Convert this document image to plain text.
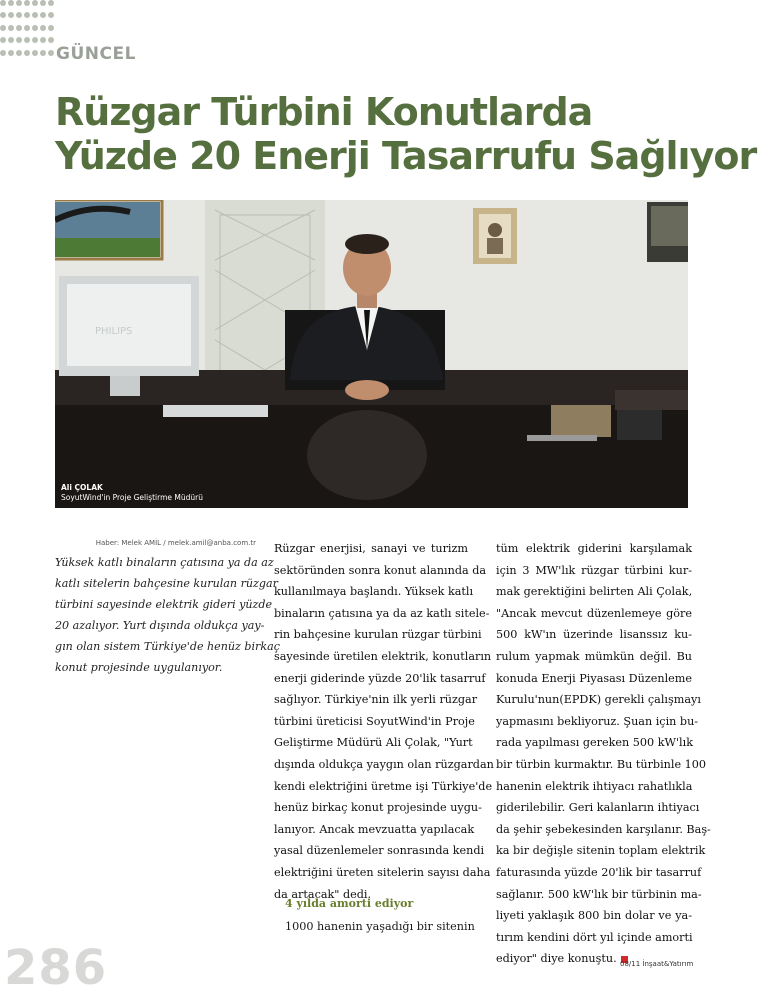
GÜNCEL
Rüzgar Türbini Konutlarda
Yüzde 20 Enerji Tasarrufu Sağlıyor
PHILIPS
Ali ÇOLAK
SoyutWind'in Proje Geliştirme Müdürü
Haber: Melek AMİL / melek.amil@anba.com.tr
Yüksek katlı binaların çatısına ya da az
katlı sitelerin bahçesine kurulan rüzgar
türbini sayesinde elektrik gideri yüzde
20 azalıyor. Yurt dışında oldukça yay-
gın olan sistem Türkiye'de henüz birkaç
konut projesinde uygulanıyor.
Rüzgar enerjisi, sanayi ve turizm
sektöründen sonra konut alanında da
kullanılmaya başlandı. Yüksek katlı
binaların çatısına ya da az katlı sitele-
rin bahçesine kurulan rüzgar türbini
sayesinde üretilen elektrik, konutların
enerji giderinde yüzde 20'lik tasarruf
sağlıyor. Türkiye'nin ilk yerli rüzgar
türbini üreticisi SoyutWind'in Proje
Geliştirme Müdürü Ali Çolak, "Yurt
dışında oldukça yaygın olan rüzgardan
kendi elektriğini üretme işi Türkiye'de
henüz birkaç konut projesinde uygu-
lanıyor. Ancak mevzuatta yapılacak
yasal düzenlemeler sonrasında kendi
elektriğini üreten sitelerin sayısı daha
da artacak" dedi.
4 yılda amorti ediyor
1000 hanenin yaşadığı bir sitenin
tüm elektrik giderini karşılamak
için 3 MW'lık rüzgar türbini kur-
mak gerektiğini belirten Ali Çolak,
"Ancak mevcut düzenlemeye göre
500 kW'ın üzerinde lisanssız ku-
rulum yapmak mümkün değil. Bu
konuda Enerji Piyasası Düzenleme
Kurulu'nun(EPDK) gerekli çalışmayı
yapmasını bekliyoruz. Şuan için bu-
rada yapılması gereken 500 kW'lık
bir türbin kurmaktır. Bu türbinle 100
hanenin elektrik ihtiyacı rahatlıkla
giderilebilir. Geri kalanların ihtiyacı
da şehir şebekesinden karşılanır. Baş-
ka bir değişle sitenin toplam elektrik
faturasında yüzde 20'lik bir tasarruf
sağlanır. 500 kW'lık bir türbinin ma-
liyeti yaklaşık 800 bin dolar ve ya-
tırım kendini dört yıl içinde amorti
ediyor" diye konuştu.
286	08/11 İnşaat&Yatırım
